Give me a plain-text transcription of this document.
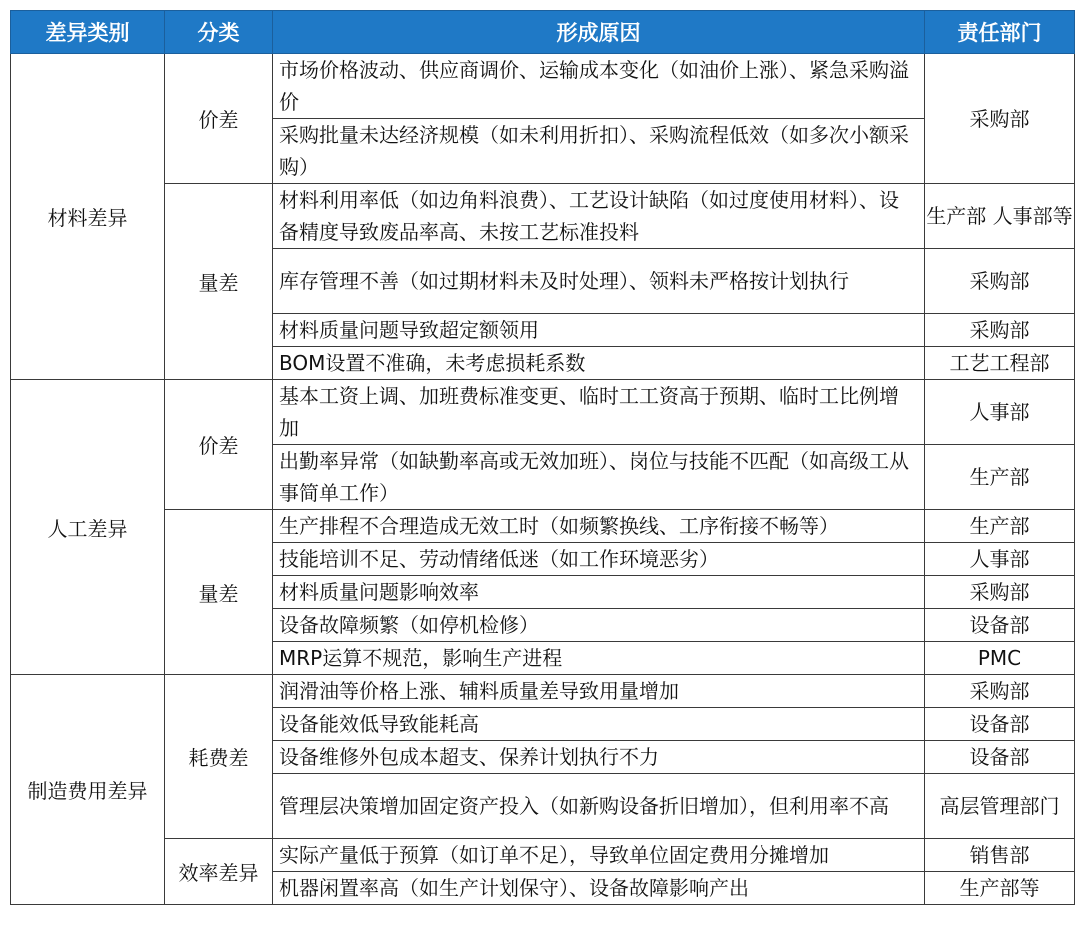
差异类别	分类	形成原因	责任部门
材料差异	价差	市场价格波动、供应商调价、运输成本变化（如油价上涨）、紧急采购溢价	采购部
		采购批量未达经济规模（如未利用折扣）、采购流程低效（如多次小额采购）	
	量差	材料利用率低（如边角料浪费）、工艺设计缺陷（如过度使用材料）、设备精度导致废品率高、未按工艺标准投料	生产部 人事部等
		库存管理不善（如过期材料未及时处理）、领料未严格按计划执行	采购部
		材料质量问题导致超定额领用	采购部
		BOM设置不准确，未考虑损耗系数	工艺工程部
人工差异	价差	基本工资上调、加班费标准变更、临时工工资高于预期、临时工比例增加	人事部
		出勤率异常（如缺勤率高或无效加班）、岗位与技能不匹配（如高级工从事简单工作）	生产部
	量差	生产排程不合理造成无效工时（如频繁换线、工序衔接不畅等）	生产部
		技能培训不足、劳动情绪低迷（如工作环境恶劣）	人事部
		材料质量问题影响效率	采购部
		设备故障频繁（如停机检修）	设备部
		MRP运算不规范，影响生产进程	PMC
制造费用差异	耗费差	润滑油等价格上涨、辅料质量差导致用量增加	采购部
		设备能效低导致能耗高	设备部
		设备维修外包成本超支、保养计划执行不力	设备部
		管理层决策增加固定资产投入（如新购设备折旧增加），但利用率不高	高层管理部门
	效率差异	实际产量低于预算（如订单不足），导致单位固定费用分摊增加	销售部
		机器闲置率高（如生产计划保守）、设备故障影响产出	生产部等
